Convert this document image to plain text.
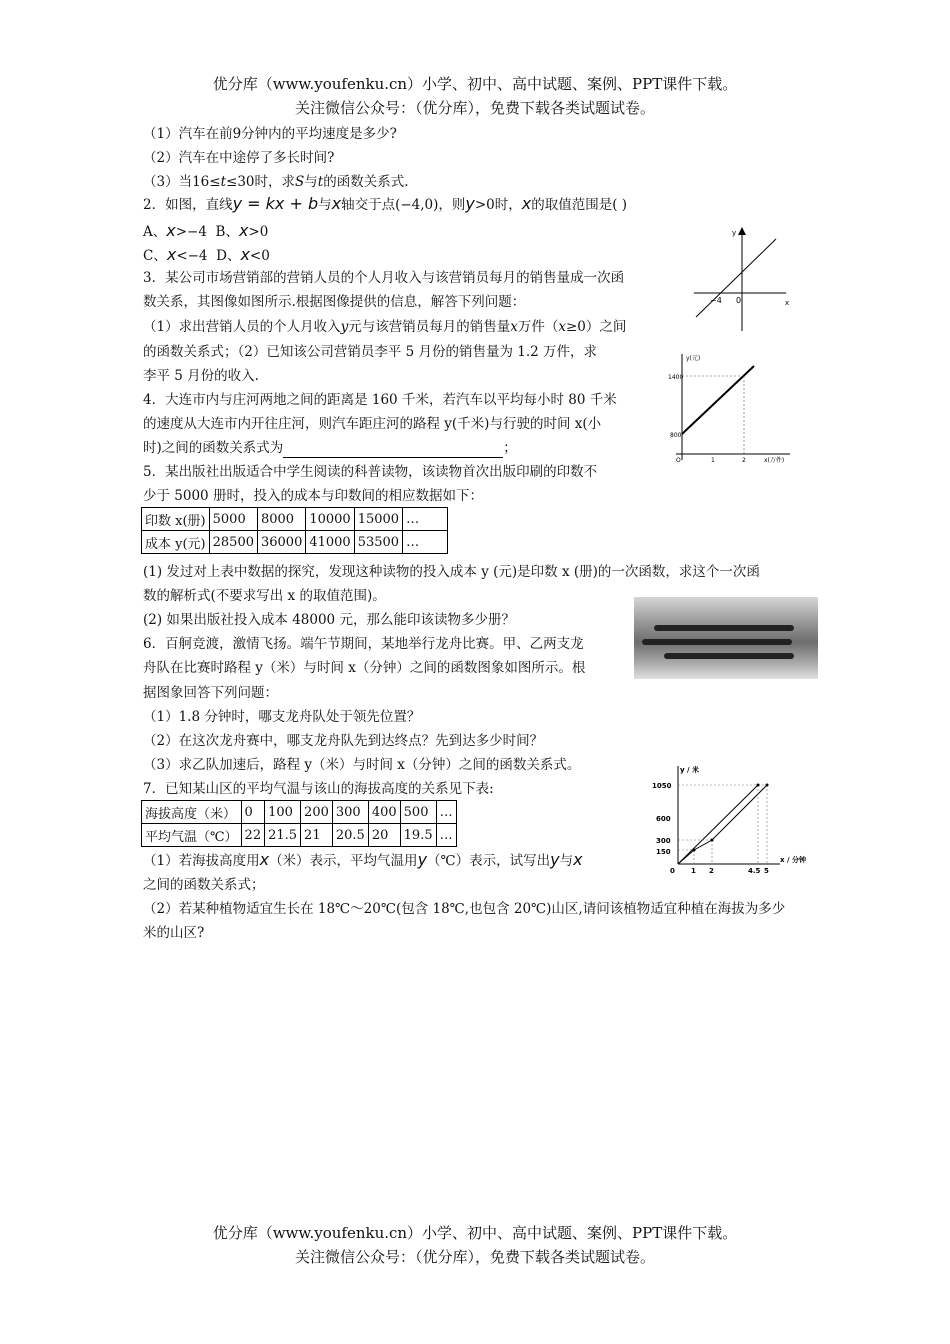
优分库（www.youfenku.cn）小学、初中、高中试题、案例、PPT课件下载。
关注微信公众号：（优分库），免费下载各类试题试卷。
（1）汽车在前9分钟内的平均速度是多少?
（2）汽车在中途停了多长时间?
（3）当16≤t≤30时，求S与t的函数关系式.
2．如图，直线y = kx + b与x轴交于点(−4,0)，则y>0时，x的取值范围是( )
A、x>−4 B、x>0
C、x<−4 D、x<0
y
x
−4 0
3．某公司市场营销部的营销人员的个人月收入与该营销员每月的销售量成一次函
数关系，其图像如图所示.根据图像提供的信息，解答下列问题：
（1）求出营销人员的个人月收入y元与该营销员每月的销售量x万件（x≥0）之间
的函数关系式；（2）已知该公司营销员李平 5 月份的销售量为 1.2 万件，求
李平 5 月份的收入.
y(元)
1400
800
O	1	2	x(万件)
4．大连市内与庄河两地之间的距离是 160 千米，若汽车以平均每小时 80 千米
的速度从大连市内开往庄河，则汽车距庄河的路程 y(千米)与行驶的时间 x(小
时)之间的函数关系式为	；
5．某出版社出版适合中学生阅读的科普读物，该读物首次出版印刷的印数不
少于 5000 册时，投入的成本与印数间的相应数据如下：
印数 x(册)	5000	8000	10000	15000	…
成本 y(元)	28500	36000	41000	53500	…
(1) 发过对上表中数据的探究，发现这种读物的投入成本 y (元)是印数 x (册)的一次函数，求这个一次函
数的解析式(不要求写出 x 的取值范围)。
(2) 如果出版社投入成本 48000 元，那么能印该读物多少册？
6．百舸竞渡，激情飞扬。端午节期间，某地举行龙舟比赛。甲、乙两支龙
舟队在比赛时路程 y（米）与时间 x（分钟）之间的函数图象如图所示。根
据图象回答下列问题：
（1）1.8 分钟时，哪支龙舟队处于领先位置？
（2）在这次龙舟赛中，哪支龙舟队先到达终点？先到达多少时间？
（3）求乙队加速后，路程 y（米）与时间 x（分钟）之间的函数关系式。	y / 米
1050
600
300
150
0 1 2	4.5 5
x / 分钟
7．已知某山区的平均气温与该山的海拔高度的关系见下表:
海拔高度（米）	0	100	200	300	400	500	…
平均气温（℃）	22	21.5	21	20.5	20	19.5	…
（1）若海拔高度用x（米）表示，平均气温用y（℃）表示，试写出y与x
之间的函数关系式；
（2）若某种植物适宜生长在 18℃～20℃(包含 18℃,也包含 20℃)山区,请问该植物适宜种植在海拔为多少
米的山区?
优分库（www.youfenku.cn）小学、初中、高中试题、案例、PPT课件下载。
关注微信公众号：（优分库），免费下载各类试题试卷。
